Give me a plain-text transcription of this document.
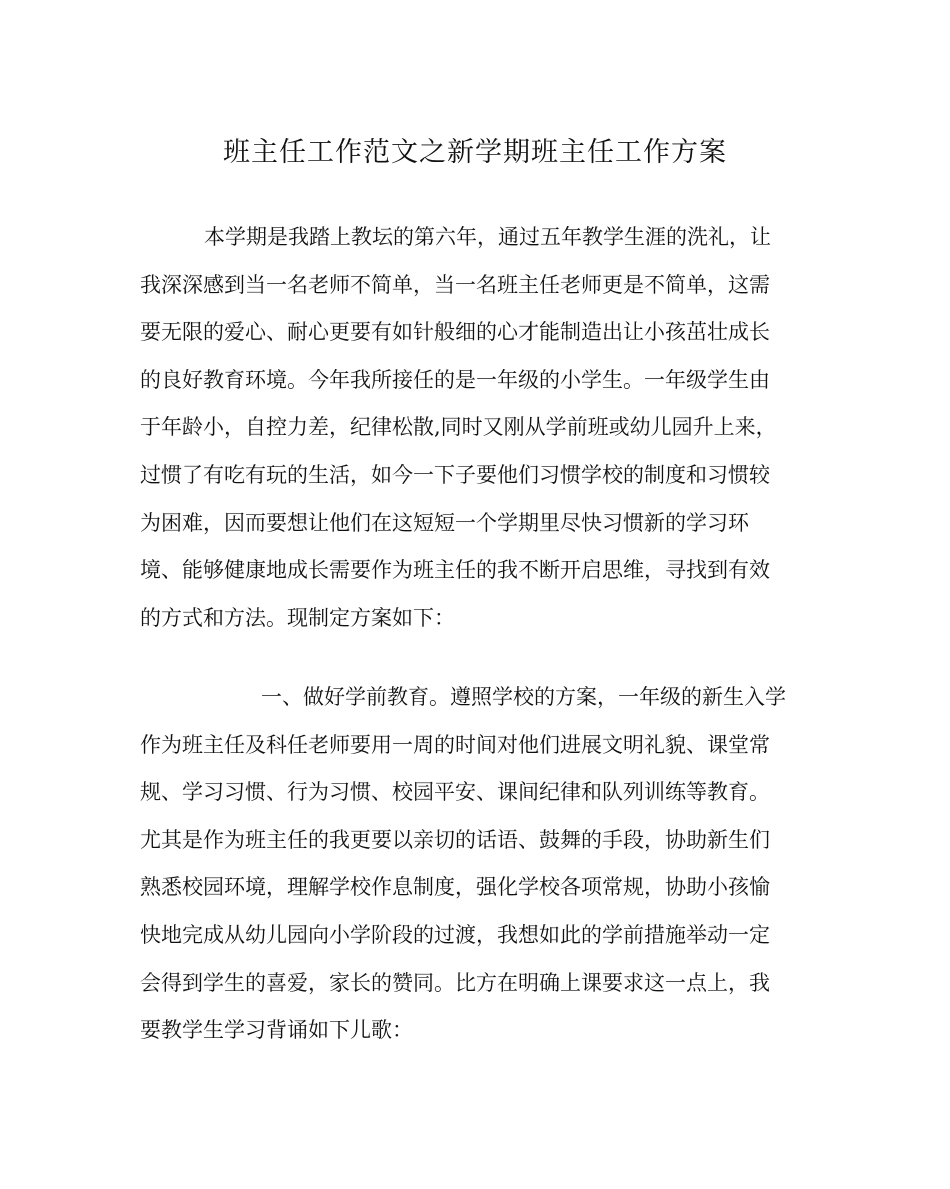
班主任工作范文之新学期班主任工作方案
本学期是我踏上教坛的第六年，通过五年教学生涯的洗礼，让
我深深感到当一名老师不简单，当一名班主任老师更是不简单，这需
要无限的爱心、耐心更要有如针般细的心才能制造出让小孩茁壮成长
的良好教育环境。今年我所接任的是一年级的小学生。一年级学生由
于年龄小，自控力差，纪律松散,同时又刚从学前班或幼儿园升上来，
过惯了有吃有玩的生活，如今一下子要他们习惯学校的制度和习惯较
为困难，因而要想让他们在这短短一个学期里尽快习惯新的学习环
境、能够健康地成长需要作为班主任的我不断开启思维，寻找到有效
的方式和方法。现制定方案如下：
一、做好学前教育。遵照学校的方案，一年级的新生入学
作为班主任及科任老师要用一周的时间对他们进展文明礼貌、课堂常
规、学习习惯、行为习惯、校园平安、课间纪律和队列训练等教育。
尤其是作为班主任的我更要以亲切的话语、鼓舞的手段，协助新生们
熟悉校园环境，理解学校作息制度，强化学校各项常规，协助小孩愉
快地完成从幼儿园向小学阶段的过渡，我想如此的学前措施举动一定
会得到学生的喜爱，家长的赞同。比方在明确上课要求这一点上，我
要教学生学习背诵如下儿歌：
